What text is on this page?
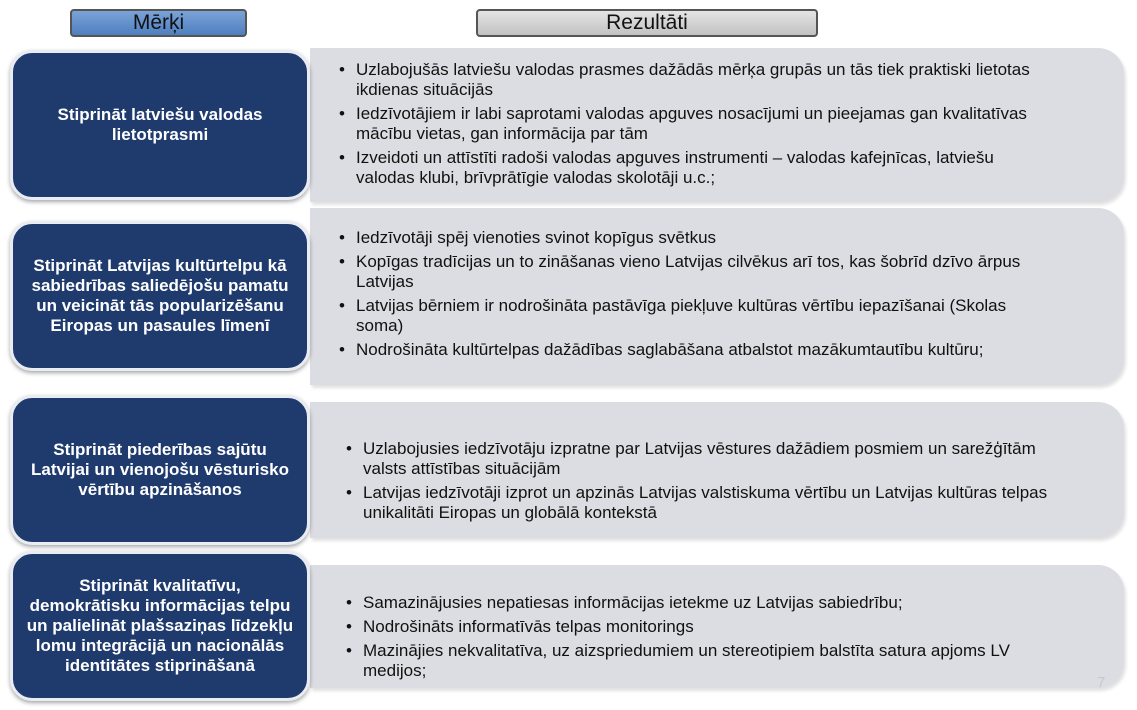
Mērķi	Rezultāti
• Uzlabojušās latviešu valodas prasmes dažādās mērķa grupās un tās tiek praktiski lietotas ikdienas situācijās
• Iedzīvotājiem ir labi saprotami valodas apguves nosacījumi un pieejamas gan kvalitatīvas mācību vietas, gan informācija par tām
• Izveidoti un attīstīti radoši valodas apguves instrumenti – valodas kafejnīcas, latviešu valodas klubi, brīvprātīgie valodas skolotāji u.c.;
Stiprināt latviešu valodas lietotprasmi
• Iedzīvotāji spēj vienoties svinot kopīgus svētkus
• Kopīgas tradīcijas un to zināšanas vieno Latvijas cilvēkus arī tos, kas šobrīd dzīvo ārpus Latvijas
• Latvijas bērniem ir nodrošināta pastāvīga piekļuve kultūras vērtību iepazīšanai (Skolas soma)
• Nodrošināta kultūrtelpas dažādības saglabāšana atbalstot mazākumtautību kultūru;
Stiprināt Latvijas kultūrtelpu kā sabiedrības saliedējošu pamatu un veicināt tās popularizēšanu Eiropas un pasaules līmenī
• Uzlabojusies iedzīvotāju izpratne par Latvijas vēstures dažādiem posmiem un sarežģītām valsts attīstības situācijām
• Latvijas iedzīvotāji izprot un apzinās Latvijas valstiskuma vērtību un Latvijas kultūras telpas unikalitāti Eiropas un globālā kontekstā
Stiprināt piederības sajūtu Latvijai un vienojošu vēsturisko vērtību apzināšanos
• Samazinājusies nepatiesas informācijas ietekme uz Latvijas sabiedrību;
• Nodrošināts informatīvās telpas monitorings
• Mazinājies nekvalitatīva, uz aizspriedumiem un stereotipiem balstīta satura apjoms LV medijos;
Stiprināt kvalitatīvu, demokrātisku informācijas telpu un palielināt plašsaziņas līdzekļu lomu integrācijā un nacionālās identitātes stiprināšanā
7
